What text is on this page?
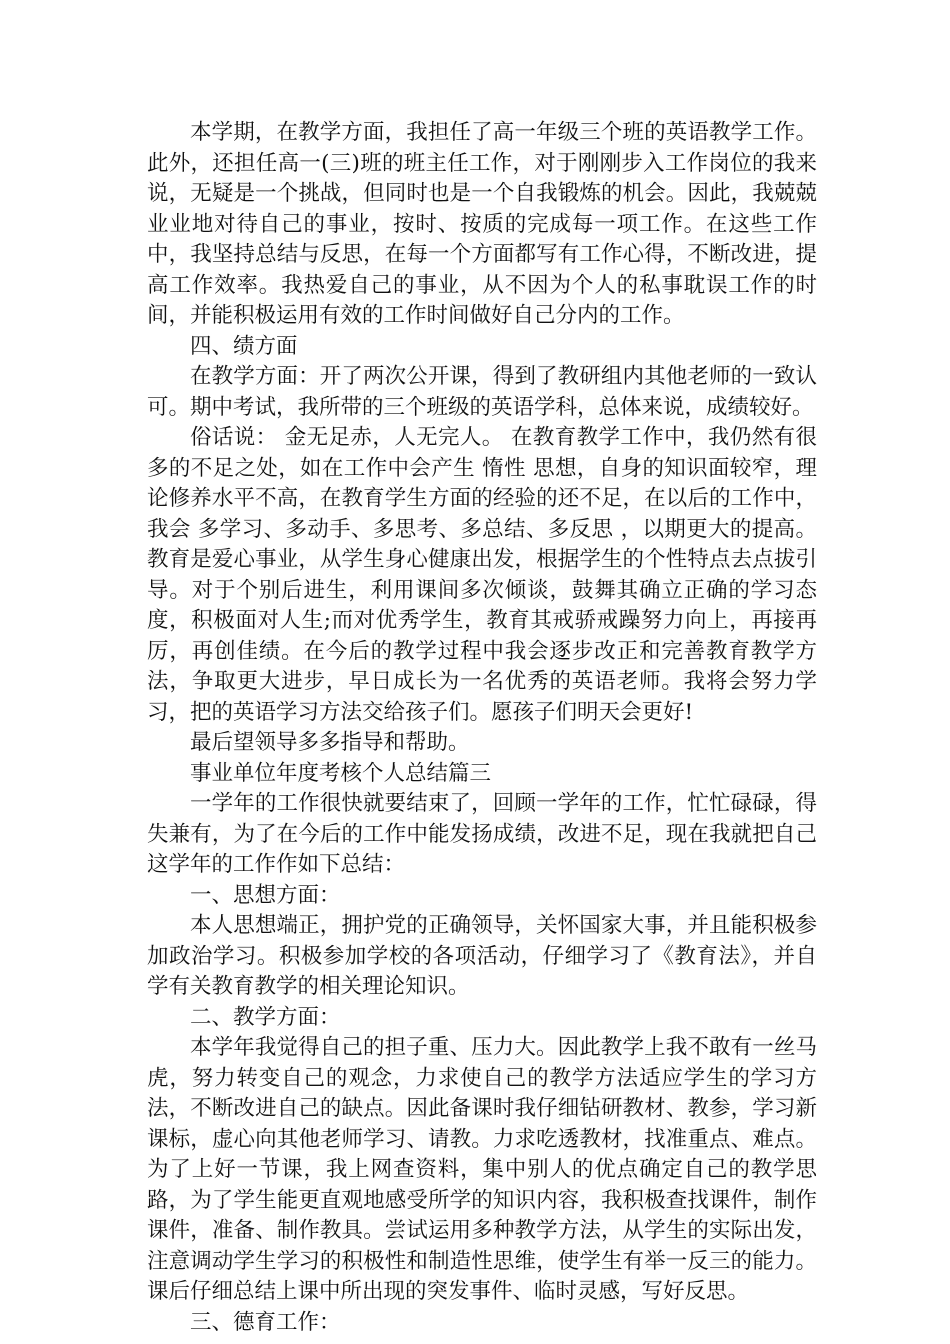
本学期，在教学方面，我担任了高一年级三个班的英语教学工作。此外，还担任高一(三)班的班主任工作，对于刚刚步入工作岗位的我来说，无疑是一个挑战，但同时也是一个自我锻炼的机会。因此，我兢兢业业地对待自己的事业，按时、按质的完成每一项工作。在这些工作中，我坚持总结与反思，在每一个方面都写有工作心得，不断改进，提高工作效率。我热爱自己的事业，从不因为个人的私事耽误工作的时间，并能积极运用有效的工作时间做好自己分内的工作。

四、绩方面

在教学方面：开了两次公开课，得到了教研组内其他老师的一致认可。期中考试，我所带的三个班级的英语学科，总体来说，成绩较好。

俗话说： 金无足赤，人无完人。 在教育教学工作中，我仍然有很多的不足之处，如在工作中会产生 惰性 思想，自身的知识面较窄，理论修养水平不高，在教育学生方面的经验的还不足，在以后的工作中，我会 多学习、多动手、多思考、多总结、多反思 ，以期更大的提高。教育是爱心事业，从学生身心健康出发，根据学生的个性特点去点拔引导。对于个别后进生，利用课间多次倾谈，鼓舞其确立正确的学习态度，积极面对人生;而对优秀学生，教育其戒骄戒躁努力向上，再接再厉，再创佳绩。在今后的教学过程中我会逐步改正和完善教育教学方法，争取更大进步，早日成长为一名优秀的英语老师。我将会努力学习，把的英语学习方法交给孩子们。愿孩子们明天会更好!

最后望领导多多指导和帮助。

事业单位年度考核个人总结篇三

一学年的工作很快就要结束了，回顾一学年的工作，忙忙碌碌，得失兼有，为了在今后的工作中能发扬成绩，改进不足，现在我就把自己这学年的工作作如下总结：

一、思想方面：

本人思想端正，拥护党的正确领导，关怀国家大事，并且能积极参加政治学习。积极参加学校的各项活动，仔细学习了《教育法》，并自学有关教育教学的相关理论知识。

二、教学方面：

本学年我觉得自己的担子重、压力大。因此教学上我不敢有一丝马虎，努力转变自己的观念，力求使自己的教学方法适应学生的学习方法，不断改进自己的缺点。因此备课时我仔细钻研教材、教参，学习新课标，虚心向其他老师学习、请教。力求吃透教材，找准重点、难点。为了上好一节课，我上网查资料，集中别人的优点确定自己的教学思路，为了学生能更直观地感受所学的知识内容，我积极查找课件，制作课件，准备、制作教具。尝试运用多种教学方法，从学生的实际出发，注意调动学生学习的积极性和制造性思维，使学生有举一反三的能力。课后仔细总结上课中所出现的突发事件、临时灵感，写好反思。

三、德育工作：
